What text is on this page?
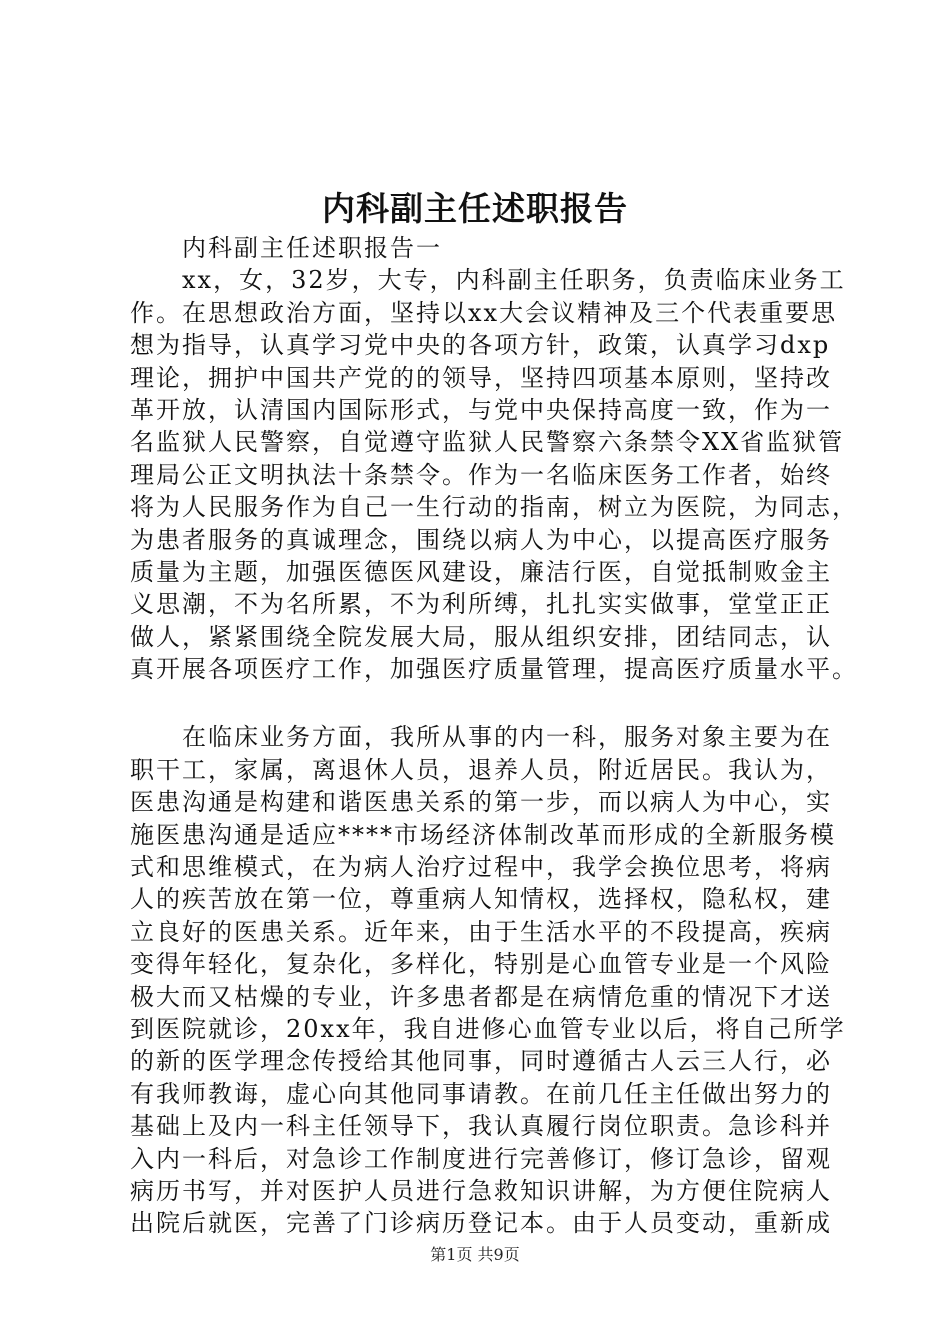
内科副主任述职报告
内科副主任述职报告一
xx，女，32岁，大专，内科副主任职务，负责临床业务工
作。在思想政治方面，坚持以xx大会议精神及三个代表重要思
想为指导，认真学习党中央的各项方针，政策，认真学习dxp
理论，拥护中国共产党的的领导，坚持四项基本原则，坚持改
革开放，认清国内国际形式，与党中央保持高度一致，作为一
名监狱人民警察，自觉遵守监狱人民警察六条禁令XX省监狱管
理局公正文明执法十条禁令。作为一名临床医务工作者，始终
将为人民服务作为自己一生行动的指南，树立为医院，为同志，
为患者服务的真诚理念，围绕以病人为中心，以提高医疗服务
质量为主题，加强医德医风建设，廉洁行医，自觉抵制败金主
义思潮，不为名所累，不为利所缚，扎扎实实做事，堂堂正正
做人，紧紧围绕全院发展大局，服从组织安排，团结同志，认
真开展各项医疗工作，加强医疗质量管理，提高医疗质量水平。
在临床业务方面，我所从事的内一科，服务对象主要为在
职干工，家属，离退休人员，退养人员，附近居民。我认为，
医患沟通是构建和谐医患关系的第一步，而以病人为中心，实
施医患沟通是适应****市场经济体制改革而形成的全新服务模
式和思维模式，在为病人治疗过程中，我学会换位思考，将病
人的疾苦放在第一位，尊重病人知情权，选择权，隐私权，建
立良好的医患关系。近年来，由于生活水平的不段提高，疾病
变得年轻化，复杂化，多样化，特别是心血管专业是一个风险
极大而又枯燥的专业，许多患者都是在病情危重的情况下才送
到医院就诊，20xx年，我自进修心血管专业以后，将自己所学
的新的医学理念传授给其他同事，同时遵循古人云三人行，必
有我师教诲，虚心向其他同事请教。在前几任主任做出努力的
基础上及内一科主任领导下，我认真履行岗位职责。急诊科并
入内一科后，对急诊工作制度进行完善修订，修订急诊，留观
病历书写，并对医护人员进行急救知识讲解，为方便住院病人
出院后就医，完善了门诊病历登记本。由于人员变动，重新成
第1页 共9页
